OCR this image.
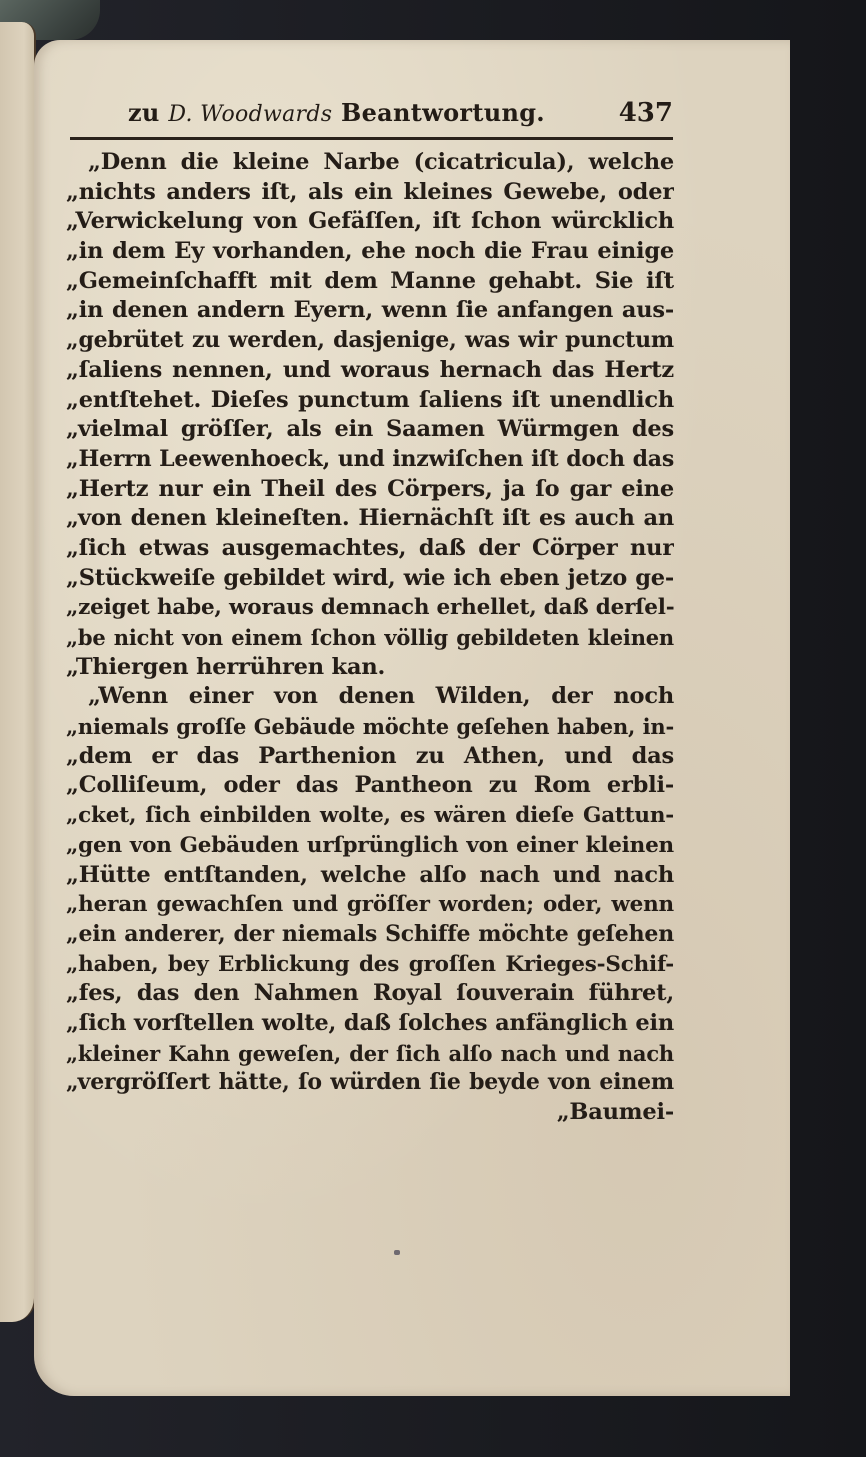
zu D. Woodwards Beantwortung.	437
„Denn die kleine Narbe (cicatricula), welche
„nichts anders iſt, als ein kleines Gewebe, oder
„Verwickelung von Gefäſſen, iſt ſchon würcklich
„in dem Ey vorhanden, ehe noch die Frau einige
„Gemeinſchafft mit dem Manne gehabt. Sie iſt
„in denen andern Eyern, wenn ſie anfangen aus-
„gebrütet zu werden, dasjenige, was wir punctum
„ſaliens nennen, und woraus hernach das Hertz
„entſtehet. Dieſes punctum ſaliens iſt unendlich
„vielmal gröſſer, als ein Saamen Würmgen des
„Herrn Leewenhoeck, und inzwiſchen iſt doch das
„Hertz nur ein Theil des Cörpers, ja ſo gar eine
„von denen kleineſten. Hiernächſt iſt es auch an
„ſich etwas ausgemachtes, daß der Cörper nur
„Stückweiſe gebildet wird, wie ich eben jetzo ge-
„zeiget habe, woraus demnach erhellet, daß derſel-
„be nicht von einem ſchon völlig gebildeten kleinen
„Thiergen herrühren kan.
„Wenn einer von denen Wilden, der noch
„niemals groſſe Gebäude möchte geſehen haben, in-
„dem er das Parthenion zu Athen, und das
„Colliſeum, oder das Pantheon zu Rom erbli-
„cket, ſich einbilden wolte, es wären dieſe Gattun-
„gen von Gebäuden urſprünglich von einer kleinen
„Hütte entſtanden, welche alſo nach und nach
„heran gewachſen und gröſſer worden; oder, wenn
„ein anderer, der niemals Schiffe möchte geſehen
„haben, bey Erblickung des groſſen Krieges-Schif-
„fes, das den Nahmen Royal ſouverain führet,
„ſich vorſtellen wolte, daß ſolches anfänglich ein
„kleiner Kahn geweſen, der ſich alſo nach und nach
„vergröſſert hätte, ſo würden ſie beyde von einem
„Baumei-
